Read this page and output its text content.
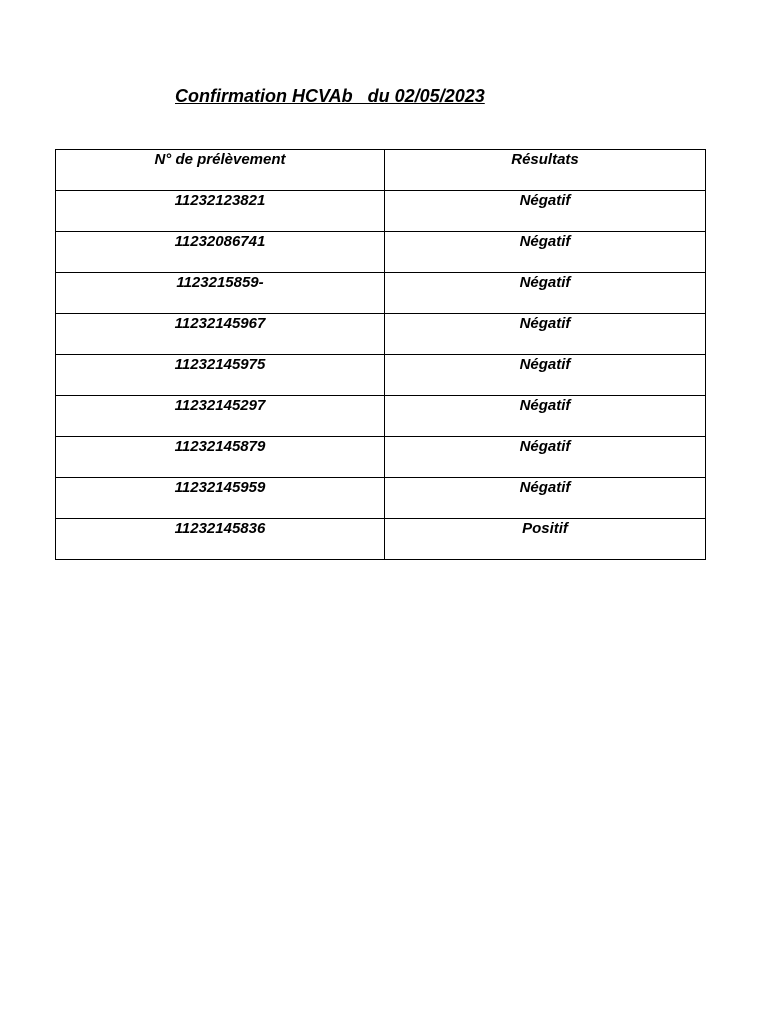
Confirmation HCVAb   du 02/05/2023
N° de prélèvement	Résultats

11232123821	Négatif

11232086741	Négatif

1123215859-	Négatif

11232145967	Négatif

11232145975	Négatif

11232145297	Négatif

11232145879	Négatif

11232145959	Négatif

11232145836	Positif
